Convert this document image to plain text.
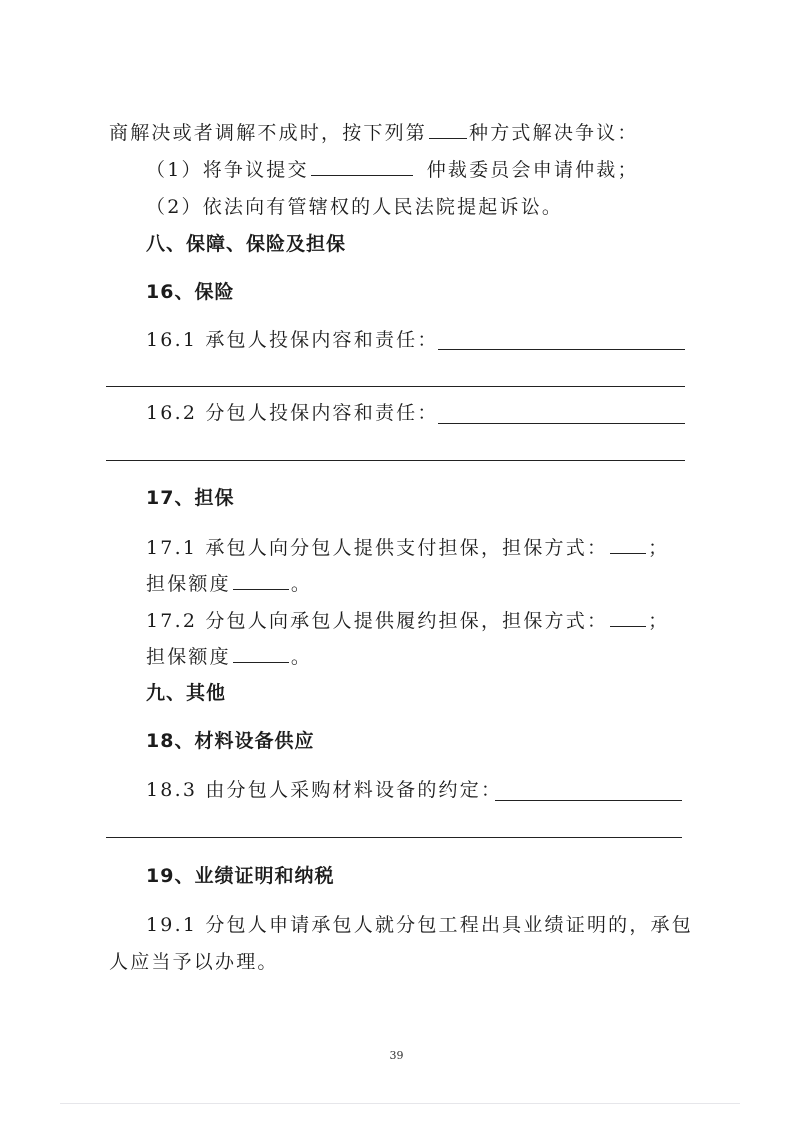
商解决或者调解不成时，按下列第 种方式解决争议：
（1）将争议提交	仲裁委员会申请仲裁；
（2）依法向有管辖权的人民法院提起诉讼。
八、保障、保险及担保
16、保险
16.1 承包人投保内容和责任：
16.2 分包人投保内容和责任：
17、担保
17.1 承包人向分包人提供支付担保，担保方式： ；
担保额度	。
17.2 分包人向承包人提供履约担保，担保方式： ；
担保额度	。
九、其他
18、材料设备供应
18.3 由分包人采购材料设备的约定：
19、业绩证明和纳税
19.1 分包人申请承包人就分包工程出具业绩证明的，承包
人应当予以办理。
39
